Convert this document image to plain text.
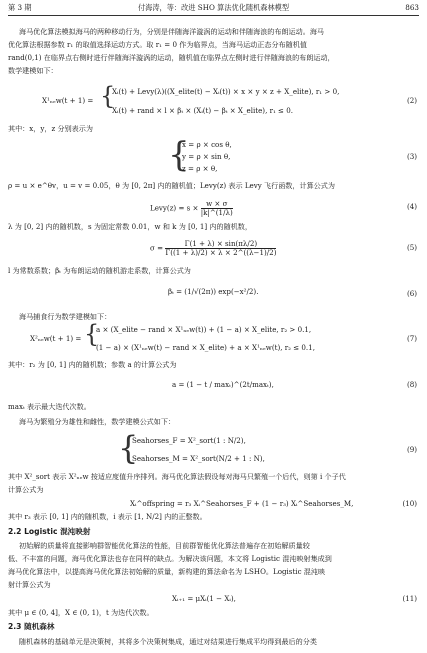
第 3 期	付海涛，等：改进 SHO 算法优化随机森林模型	863
海马优化算法模拟海马的两种移动行为，分别是伴随海洋漩涡的运动和伴随海浪的布朗运动。海马
优化算法根据参数 r₁ 的取值选择运动方式。取 r₁ = 0 作为临界点，当海马运动正态分布随机值
rand(0,1) 在临界点右侧时进行伴随海洋漩涡的运动，随机值在临界点左侧时进行伴随海浪的布朗运动，
数学建模如下：
X¹ₙₑw(t + 1) = {
Xᵢ(t) + Levy(λ)((X_elite(t) − Xᵢ(t)) × x × y × z + X_elite), r₁ > 0,
Xᵢ(t) + rand × l × βₜ × (Xᵢ(t) − βₜ × X_elite), r₁ ≤ 0.
(2)
其中：x，y，z 分别表示为
{
x = ρ × cos θ,
y = ρ × sin θ,
z = ρ × θ,
(3)
ρ = u × e^θv，u = v = 0.05，θ 为 [0, 2π] 内的随机值；Levy(z) 表示 Levy 飞行函数，计算公式为
Levy(z) = $s \times \frac{w \times \sigma}{|k|\^{}(1/\lambda)}$	(4)
λ 为 [0, 2] 内的随机数，s 为固定常数 0.01，w 和 k 为 [0, 1] 内的随机数，
$\sigma = \frac{\Gamma(1 + \lambda) \times \sin(\pi\lambda/2)}{\Gamma((1 + \lambda)/2) \times \lambda \times 2\^{}((\lambda-1)/2)}$	(5)
l 为常数系数；βₜ 为布朗运动的随机游走系数，计算公式为
βₜ = (1/√(2π)) exp(−x²/2).	(6)
海马捕食行为数学建模如下：
X²ₙₑw(t + 1) = {
a × (X_elite − rand × X¹ₙₑw(t)) + (1 − a) × X_elite, r₂ > 0.1,
(1 − a) × (X¹ₙₑw(t) − rand × X_elite) + a × X¹ₙₑw(t), r₂ ≤ 0.1,
(7)
其中：r₂ 为 [0, 1] 内的随机数；参数 a 的计算公式为
a = (1 − t / maxₜ)^(2t/maxₜ),	(8)
maxₜ 表示最大迭代次数。
海马为繁殖分为雄性和雌性，数学建模公式如下：
{
Seahorses_F = X²_sort(1 : N/2),
Seahorses_M = X²_sort(N/2 + 1 : N),
(9)
其中 X²_sort 表示 X²ₙₑw 按适应度值升序排列。海马优化算法假设每对海马只繁殖一个后代，则第 i 个子代
计算公式为
Xᵢ^offspring = r₃ Xᵢ^Seahorses_F + (1 − r₃) Xᵢ^Seahorses_M,	(10)
其中 r₃ 表示 [0, 1] 内的随机数，i 表示 [1, N/2] 内的正整数。
2.2 Logistic 混沌映射
初始解的质量将直接影响群智能优化算法的性能，目前群智能优化算法普遍存在初始解质量较
低、不丰富的问题，海马优化算法也存在同样的缺点。为解决该问题，本文将 Logistic 混沌映射集成到
海马优化算法中，以提高海马优化算法初始解的质量，新构建的算法命名为 LSHO。Logistic 混沌映
射计算公式为
Xᵢ₊₁ = μXᵢ(1 − Xᵢ),	(11)
其中 μ ∈ (0, 4]，X ∈ (0, 1)，t 为迭代次数。
2.3 随机森林
随机森林的基础单元是决策树，其将多个决策树集成，通过对结果进行集成平均得到最后的分类
